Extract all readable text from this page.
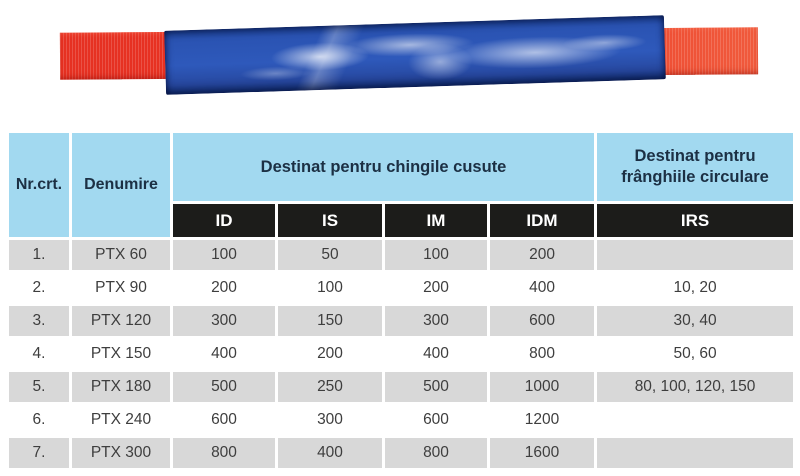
Nr.crt.	Denumire	Destinat pentru chingile cusute				Destinat pentru
frânghiile circulare
		ID	IS	IM	IDM	IRS
1.	PTX 60	100	50	100	200	
2.	PTX 90	200	100	200	400	10, 20
3.	PTX 120	300	150	300	600	30, 40
4.	PTX 150	400	200	400	800	50, 60
5.	PTX 180	500	250	500	1000	80, 100, 120, 150
6.	PTX 240	600	300	600	1200	
7.	PTX 300	800	400	800	1600	
